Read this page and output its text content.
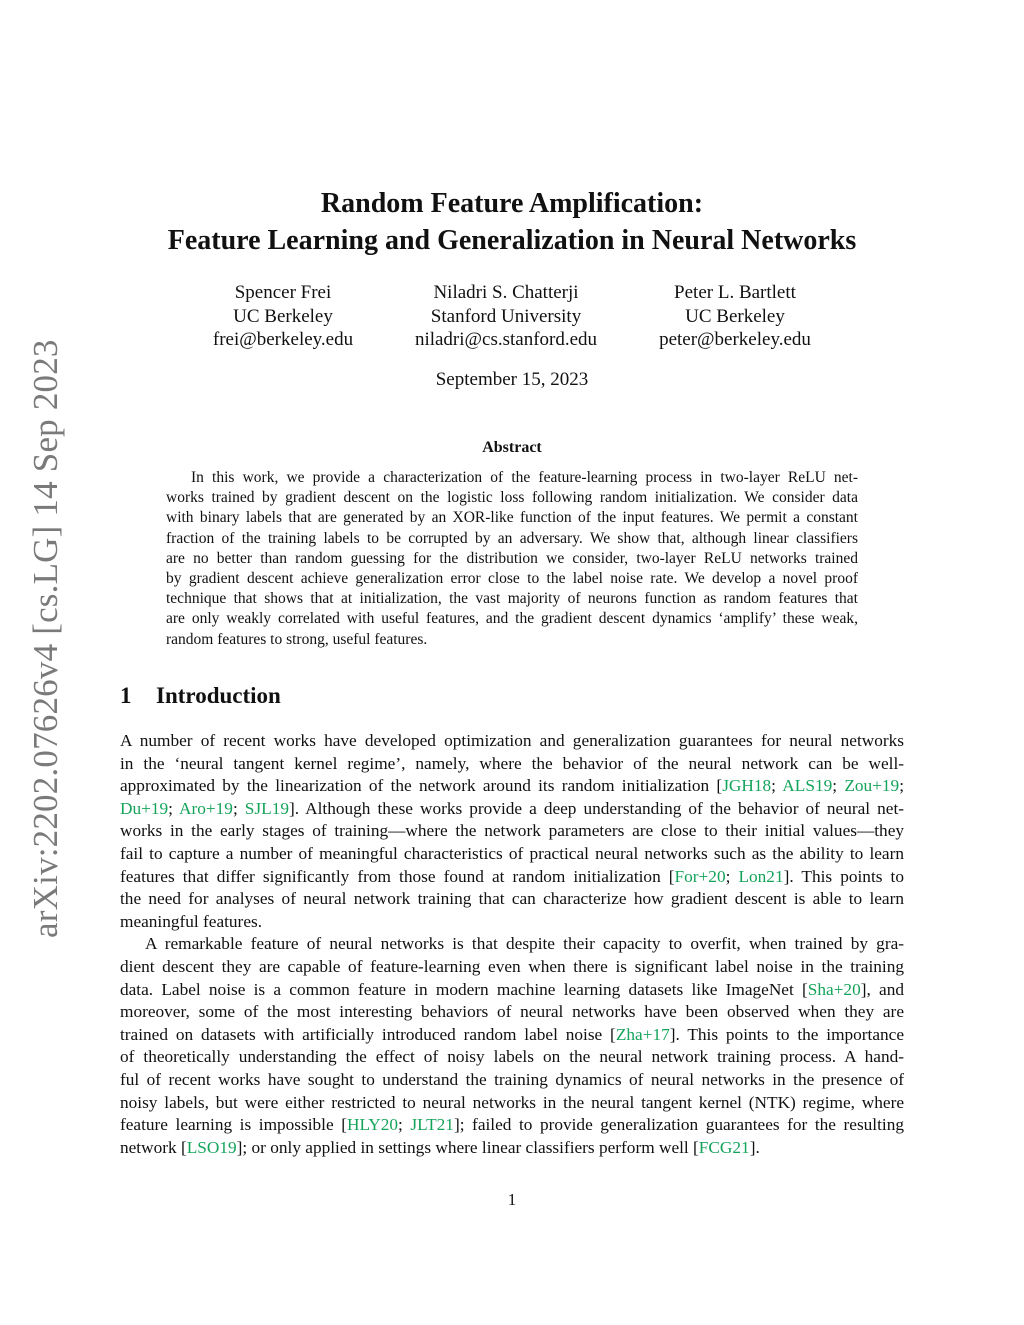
arXiv:2202.07626v4 [cs.LG] 14 Sep 2023
Random Feature Amplification:
Feature Learning and Generalization in Neural Networks
Spencer Frei
UC Berkeley
frei@berkeley.edu
Niladri S. Chatterji
Stanford University
niladri@cs.stanford.edu
Peter L. Bartlett
UC Berkeley
peter@berkeley.edu
September 15, 2023
Abstract
In this work, we provide a characterization of the feature-learning process in two-layer ReLU net-
works trained by gradient descent on the logistic loss following random initialization. We consider data
with binary labels that are generated by an XOR-like function of the input features. We permit a constant
fraction of the training labels to be corrupted by an adversary. We show that, although linear classifiers
are no better than random guessing for the distribution we consider, two-layer ReLU networks trained
by gradient descent achieve generalization error close to the label noise rate. We develop a novel proof
technique that shows that at initialization, the vast majority of neurons function as random features that
are only weakly correlated with useful features, and the gradient descent dynamics ‘amplify’ these weak,
random features to strong, useful features.
1 Introduction
A number of recent works have developed optimization and generalization guarantees for neural networks
in the ‘neural tangent kernel regime’, namely, where the behavior of the neural network can be well-
approximated by the linearization of the network around its random initialization [JGH18; ALS19; Zou+19;
Du+19; Aro+19; SJL19]. Although these works provide a deep understanding of the behavior of neural net-
works in the early stages of training—where the network parameters are close to their initial values—they
fail to capture a number of meaningful characteristics of practical neural networks such as the ability to learn
features that differ significantly from those found at random initialization [For+20; Lon21]. This points to
the need for analyses of neural network training that can characterize how gradient descent is able to learn
meaningful features.
A remarkable feature of neural networks is that despite their capacity to overfit, when trained by gra-
dient descent they are capable of feature-learning even when there is significant label noise in the training
data. Label noise is a common feature in modern machine learning datasets like ImageNet [Sha+20], and
moreover, some of the most interesting behaviors of neural networks have been observed when they are
trained on datasets with artificially introduced random label noise [Zha+17]. This points to the importance
of theoretically understanding the effect of noisy labels on the neural network training process. A hand-
ful of recent works have sought to understand the training dynamics of neural networks in the presence of
noisy labels, but were either restricted to neural networks in the neural tangent kernel (NTK) regime, where
feature learning is impossible [HLY20; JLT21]; failed to provide generalization guarantees for the resulting
network [LSO19]; or only applied in settings where linear classifiers perform well [FCG21].
1
